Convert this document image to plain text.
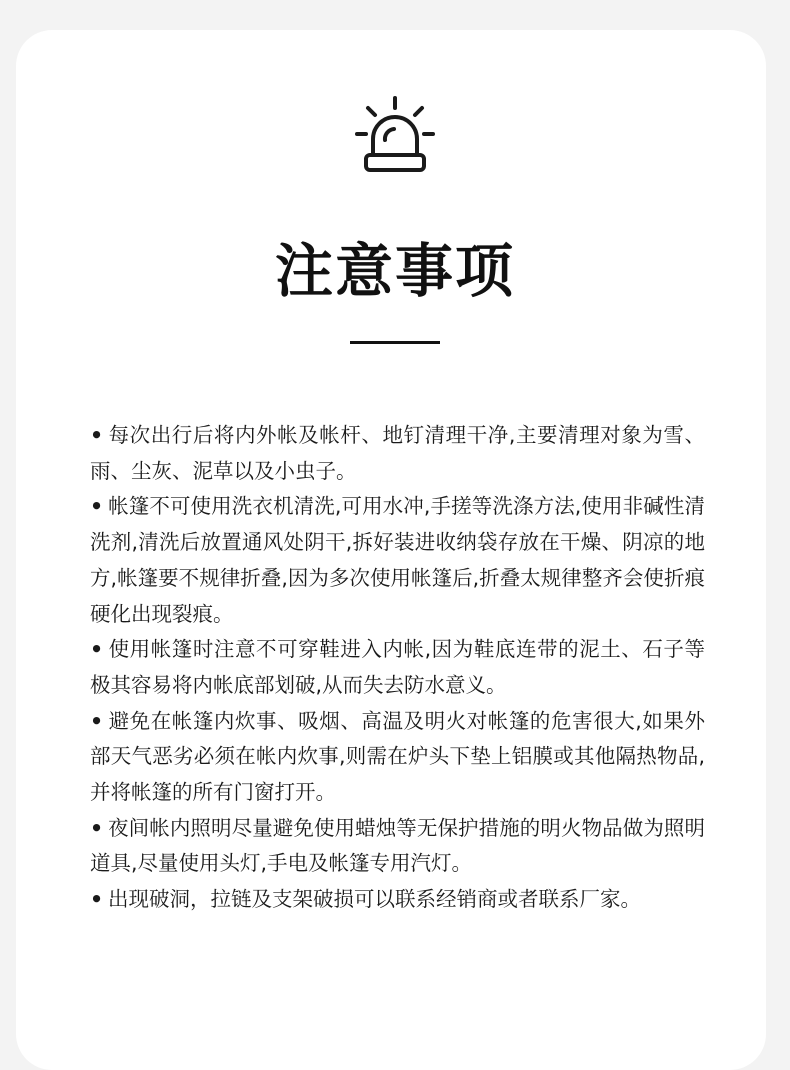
注意事项
• 每次出行后将内外帐及帐杆、地钉清理干净,主要清理对象为雪、雨、尘灰、泥草以及小虫子。
• 帐篷不可使用洗衣机清洗,可用水冲,手搓等洗涤方法,使用非碱性清洗剂,清洗后放置通风处阴干,拆好装进收纳袋存放在干燥、阴凉的地方,帐篷要不规律折叠,因为多次使用帐篷后,折叠太规律整齐会使折痕硬化出现裂痕。
• 使用帐篷时注意不可穿鞋进入内帐,因为鞋底连带的泥土、石子等极其容易将内帐底部划破,从而失去防水意义。
• 避免在帐篷内炊事、吸烟、高温及明火对帐篷的危害很大,如果外部天气恶劣必须在帐内炊事,则需在炉头下垫上铝膜或其他隔热物品,并将帐篷的所有门窗打开。
• 夜间帐内照明尽量避免使用蜡烛等无保护措施的明火物品做为照明道具,尽量使用头灯,手电及帐篷专用汽灯。
• 出现破洞，拉链及支架破损可以联系经销商或者联系厂家。
